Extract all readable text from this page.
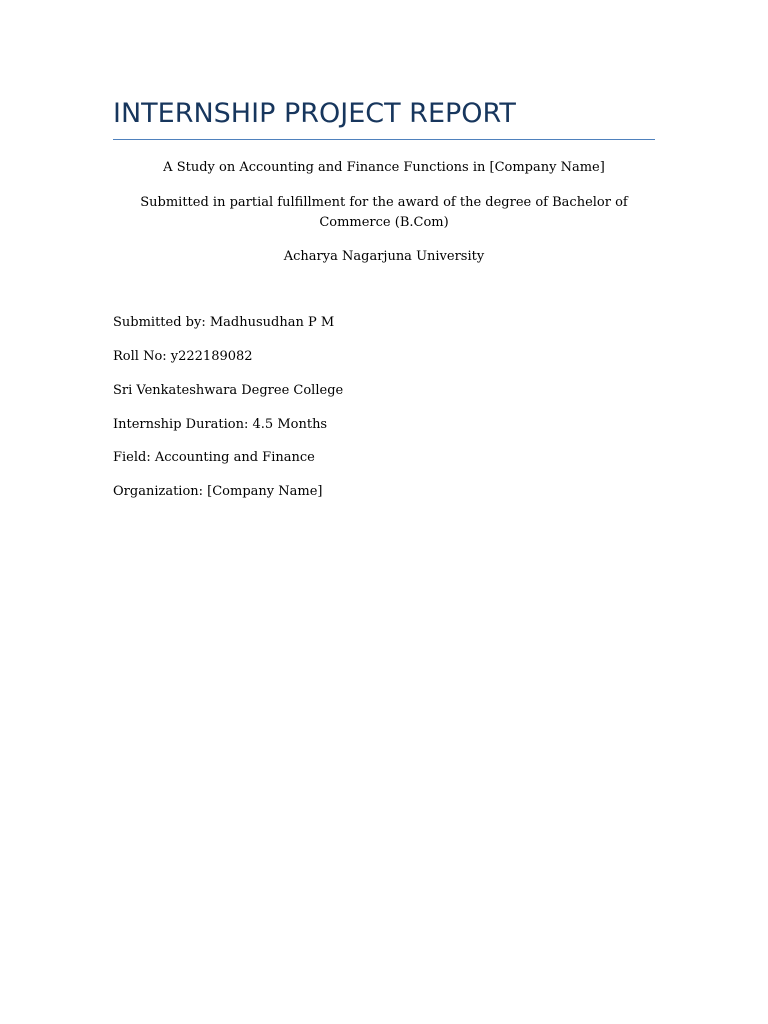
INTERNSHIP PROJECT REPORT

A Study on Accounting and Finance Functions in [Company Name]

Submitted in partial fulfillment for the award of the degree of Bachelor of Commerce (B.Com)

Acharya Nagarjuna University

Submitted by: Madhusudhan P M

Roll No: y222189082

Sri Venkateshwara Degree College

Internship Duration: 4.5 Months

Field: Accounting and Finance

Organization: [Company Name]
